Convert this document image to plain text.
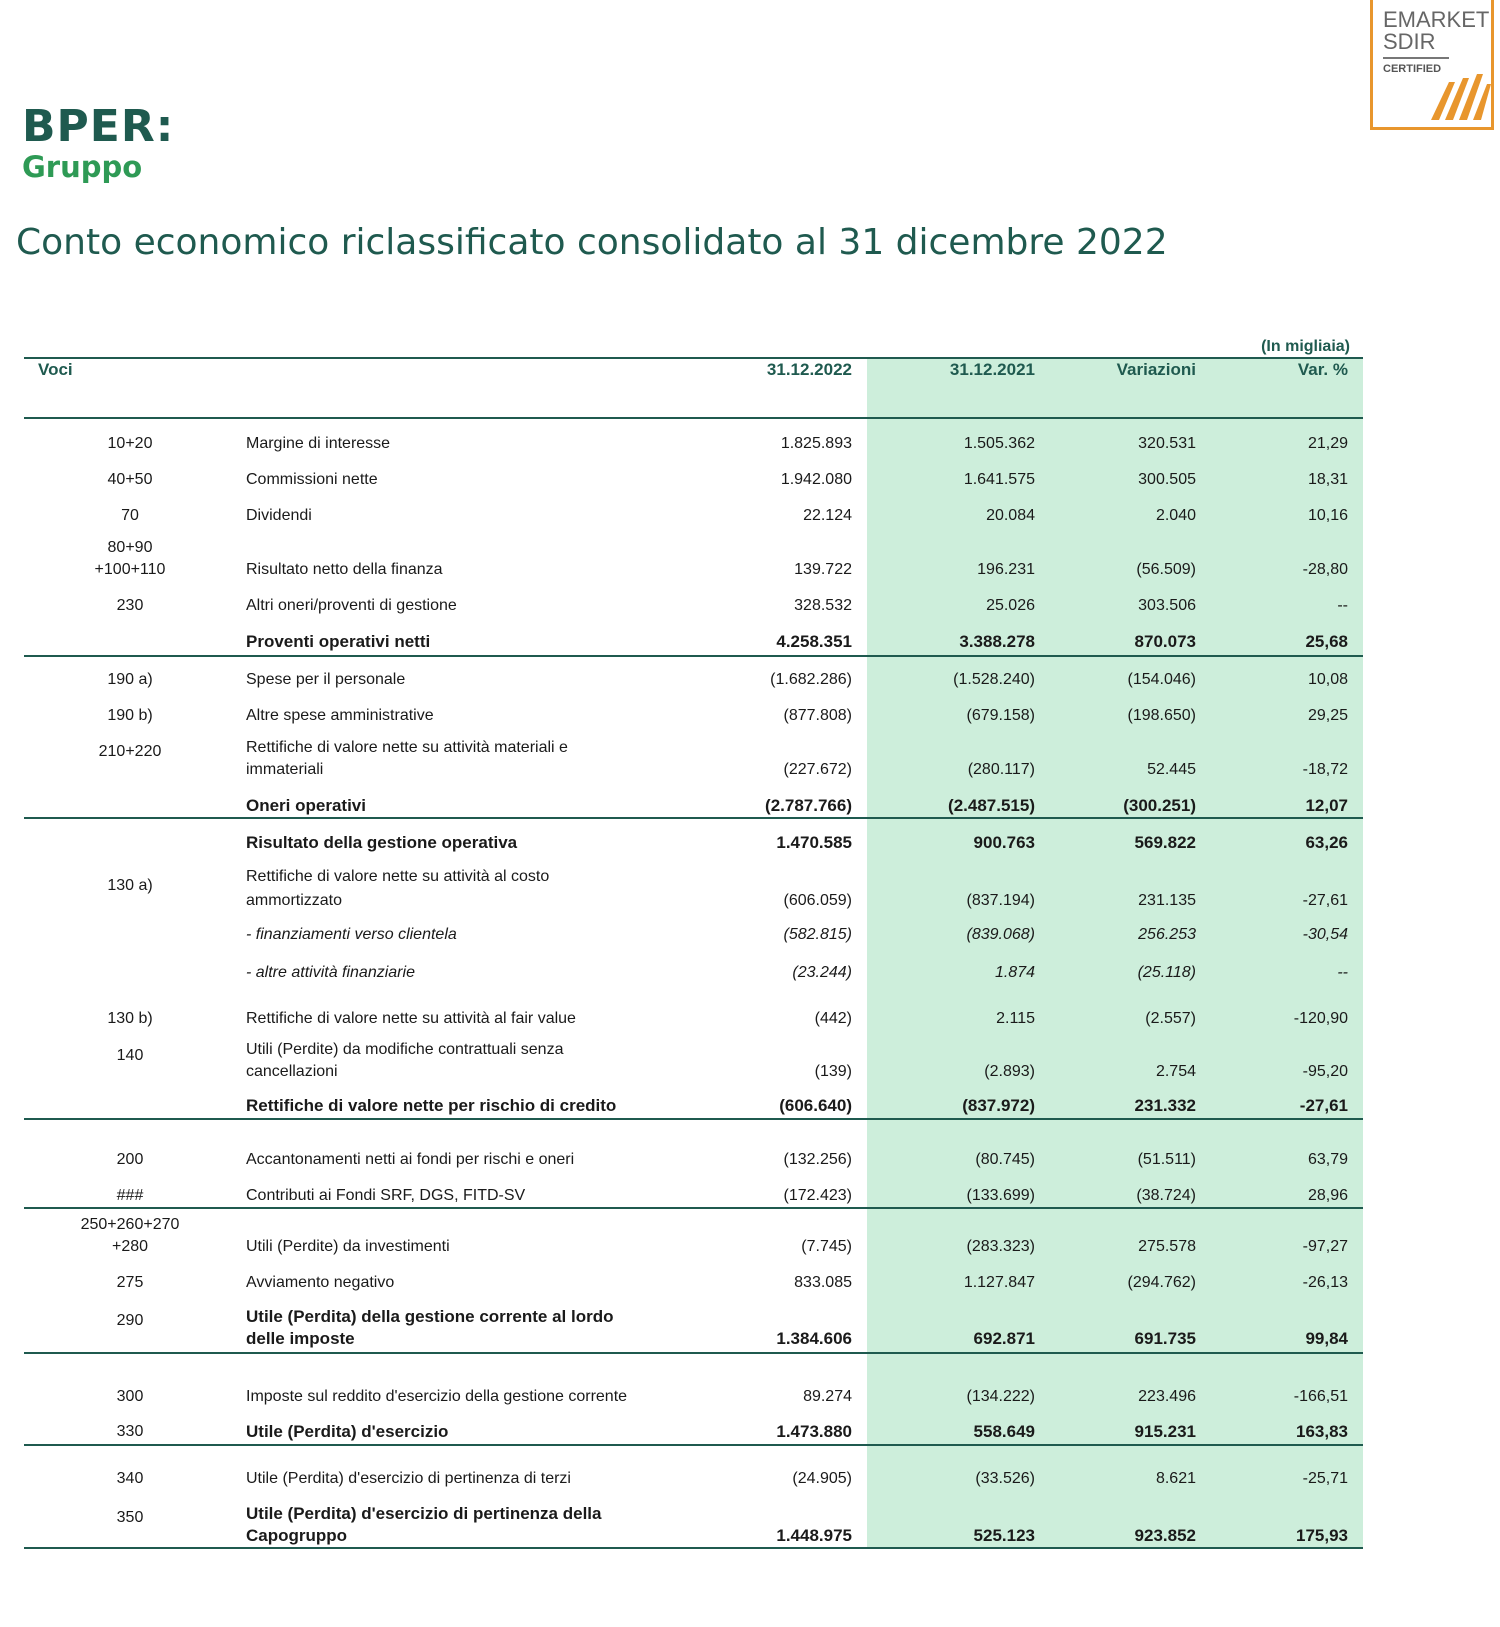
BPER:
Gruppo
EMARKET
SDIR
CERTIFIED
Conto economico riclassificato consolidato al 31 dicembre 2022
(In migliaia)
Voci	31.12.2022	31.12.2021	Variazioni	Var. %
10+20	Margine di interesse	1.825.893	1.505.362	320.531	21,29
40+50	Commissioni nette	1.942.080	1.641.575	300.505	18,31
70	Dividendi	22.124	20.084	2.040	10,16
80+90
+100+110	Risultato netto della finanza	139.722	196.231	(56.509)	-28,80
230	Altri oneri/proventi di gestione	328.532	25.026	303.506	--
Proventi operativi netti	4.258.351	3.388.278	870.073	25,68
190 a)	Spese per il personale	(1.682.286)	(1.528.240)	(154.046)	10,08
190 b)	Altre spese amministrative	(877.808)	(679.158)	(198.650)	29,25
210+220	Rettifiche di valore nette su attività materiali e
immateriali	(227.672)	(280.117)	52.445	-18,72
Oneri operativi	(2.787.766)	(2.487.515)	(300.251)	12,07
Risultato della gestione operativa	1.470.585	900.763	569.822	63,26
130 a)
Rettifiche di valore nette su attività al costo
ammortizzato	(606.059)	(837.194)	231.135	-27,61
- finanziamenti verso clientela	(582.815)	(839.068)	256.253	-30,54
- altre attività finanziarie	(23.244)	1.874	(25.118)	--
130 b)	Rettifiche di valore nette su attività al fair value	(442)	2.115	(2.557)	-120,90
140	Utili (Perdite) da modifiche contrattuali senza
cancellazioni	(139)	(2.893)	2.754	-95,20
Rettifiche di valore nette per rischio di credito	(606.640)	(837.972)	231.332	-27,61
200	Accantonamenti netti ai fondi per rischi e oneri	(132.256)	(80.745)	(51.511)	63,79
###	Contributi ai Fondi SRF, DGS, FITD-SV	(172.423)	(133.699)	(38.724)	28,96
250+260+270
+280	Utili (Perdite) da investimenti	(7.745)	(283.323)	275.578	-97,27
275	Avviamento negativo	833.085	1.127.847	(294.762)	-26,13
290	Utile (Perdita) della gestione corrente al lordo
delle imposte	1.384.606	692.871	691.735	99,84
300	Imposte sul reddito d'esercizio della gestione corrente	89.274	(134.222)	223.496	-166,51
330	Utile (Perdita) d'esercizio	1.473.880	558.649	915.231	163,83
340	Utile (Perdita) d'esercizio di pertinenza di terzi	(24.905)	(33.526)	8.621	-25,71
350	Utile (Perdita) d'esercizio di pertinenza della
Capogruppo	1.448.975	525.123	923.852	175,93
